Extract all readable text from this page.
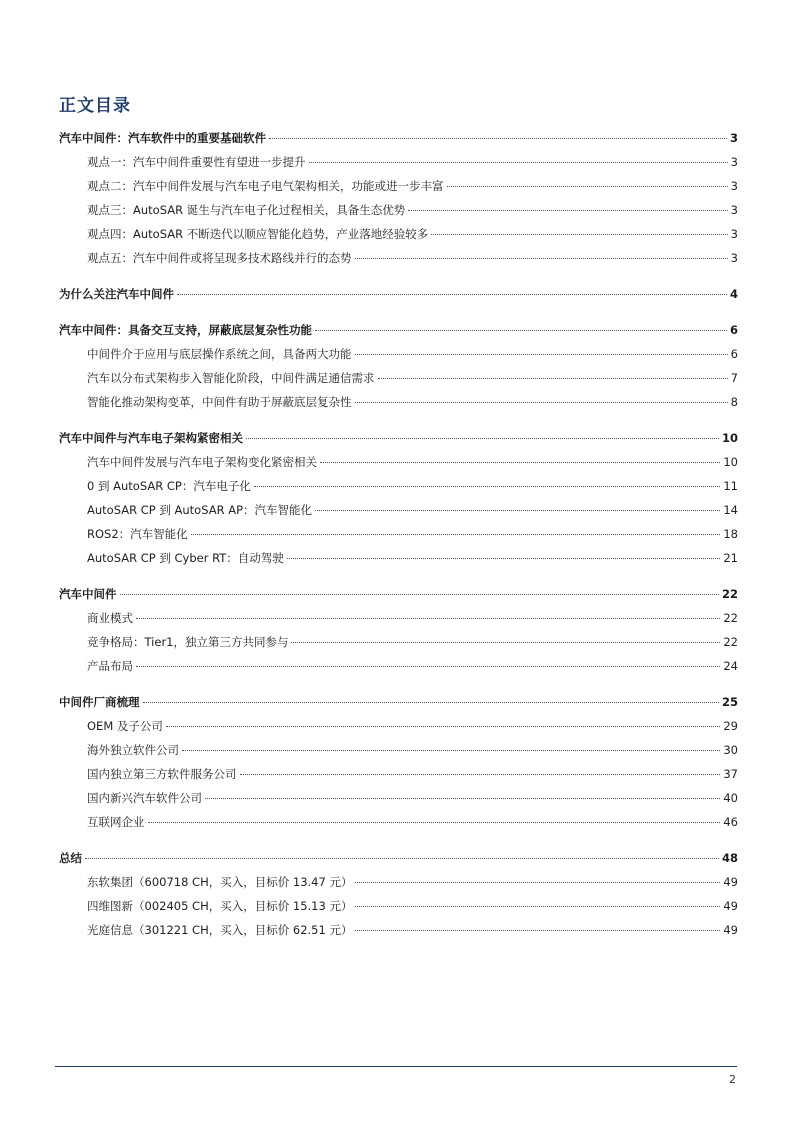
正文目录
汽车中间件：汽车软件中的重要基础软件	3
观点一：汽车中间件重要性有望进一步提升	3
观点二：汽车中间件发展与汽车电子电气架构相关，功能或进一步丰富	3
观点三：AutoSAR 诞生与汽车电子化过程相关，具备生态优势	3
观点四：AutoSAR 不断迭代以顺应智能化趋势，产业落地经验较多	3
观点五：汽车中间件或将呈现多技术路线并行的态势	3
为什么关注汽车中间件	4
汽车中间件：具备交互支持，屏蔽底层复杂性功能	6
中间件介于应用与底层操作系统之间，具备两大功能	6
汽车以分布式架构步入智能化阶段，中间件满足通信需求	7
智能化推动架构变革，中间件有助于屏蔽底层复杂性	8
汽车中间件与汽车电子架构紧密相关	10
汽车中间件发展与汽车电子架构变化紧密相关	10
0 到 AutoSAR CP：汽车电子化	11
AutoSAR CP 到 AutoSAR AP：汽车智能化	14
ROS2：汽车智能化	18
AutoSAR CP 到 Cyber RT：自动驾驶	21
汽车中间件	22
商业模式	22
竞争格局：Tier1，独立第三方共同参与	22
产品布局	24
中间件厂商梳理	25
OEM 及子公司	29
海外独立软件公司	30
国内独立第三方软件服务公司	37
国内新兴汽车软件公司	40
互联网企业	46
总结	48
东软集团（600718 CH，买入，目标价 13.47 元）	49
四维图新（002405 CH，买入，目标价 15.13 元）	49
光庭信息（301221 CH，买入，目标价 62.51 元）	49
2
